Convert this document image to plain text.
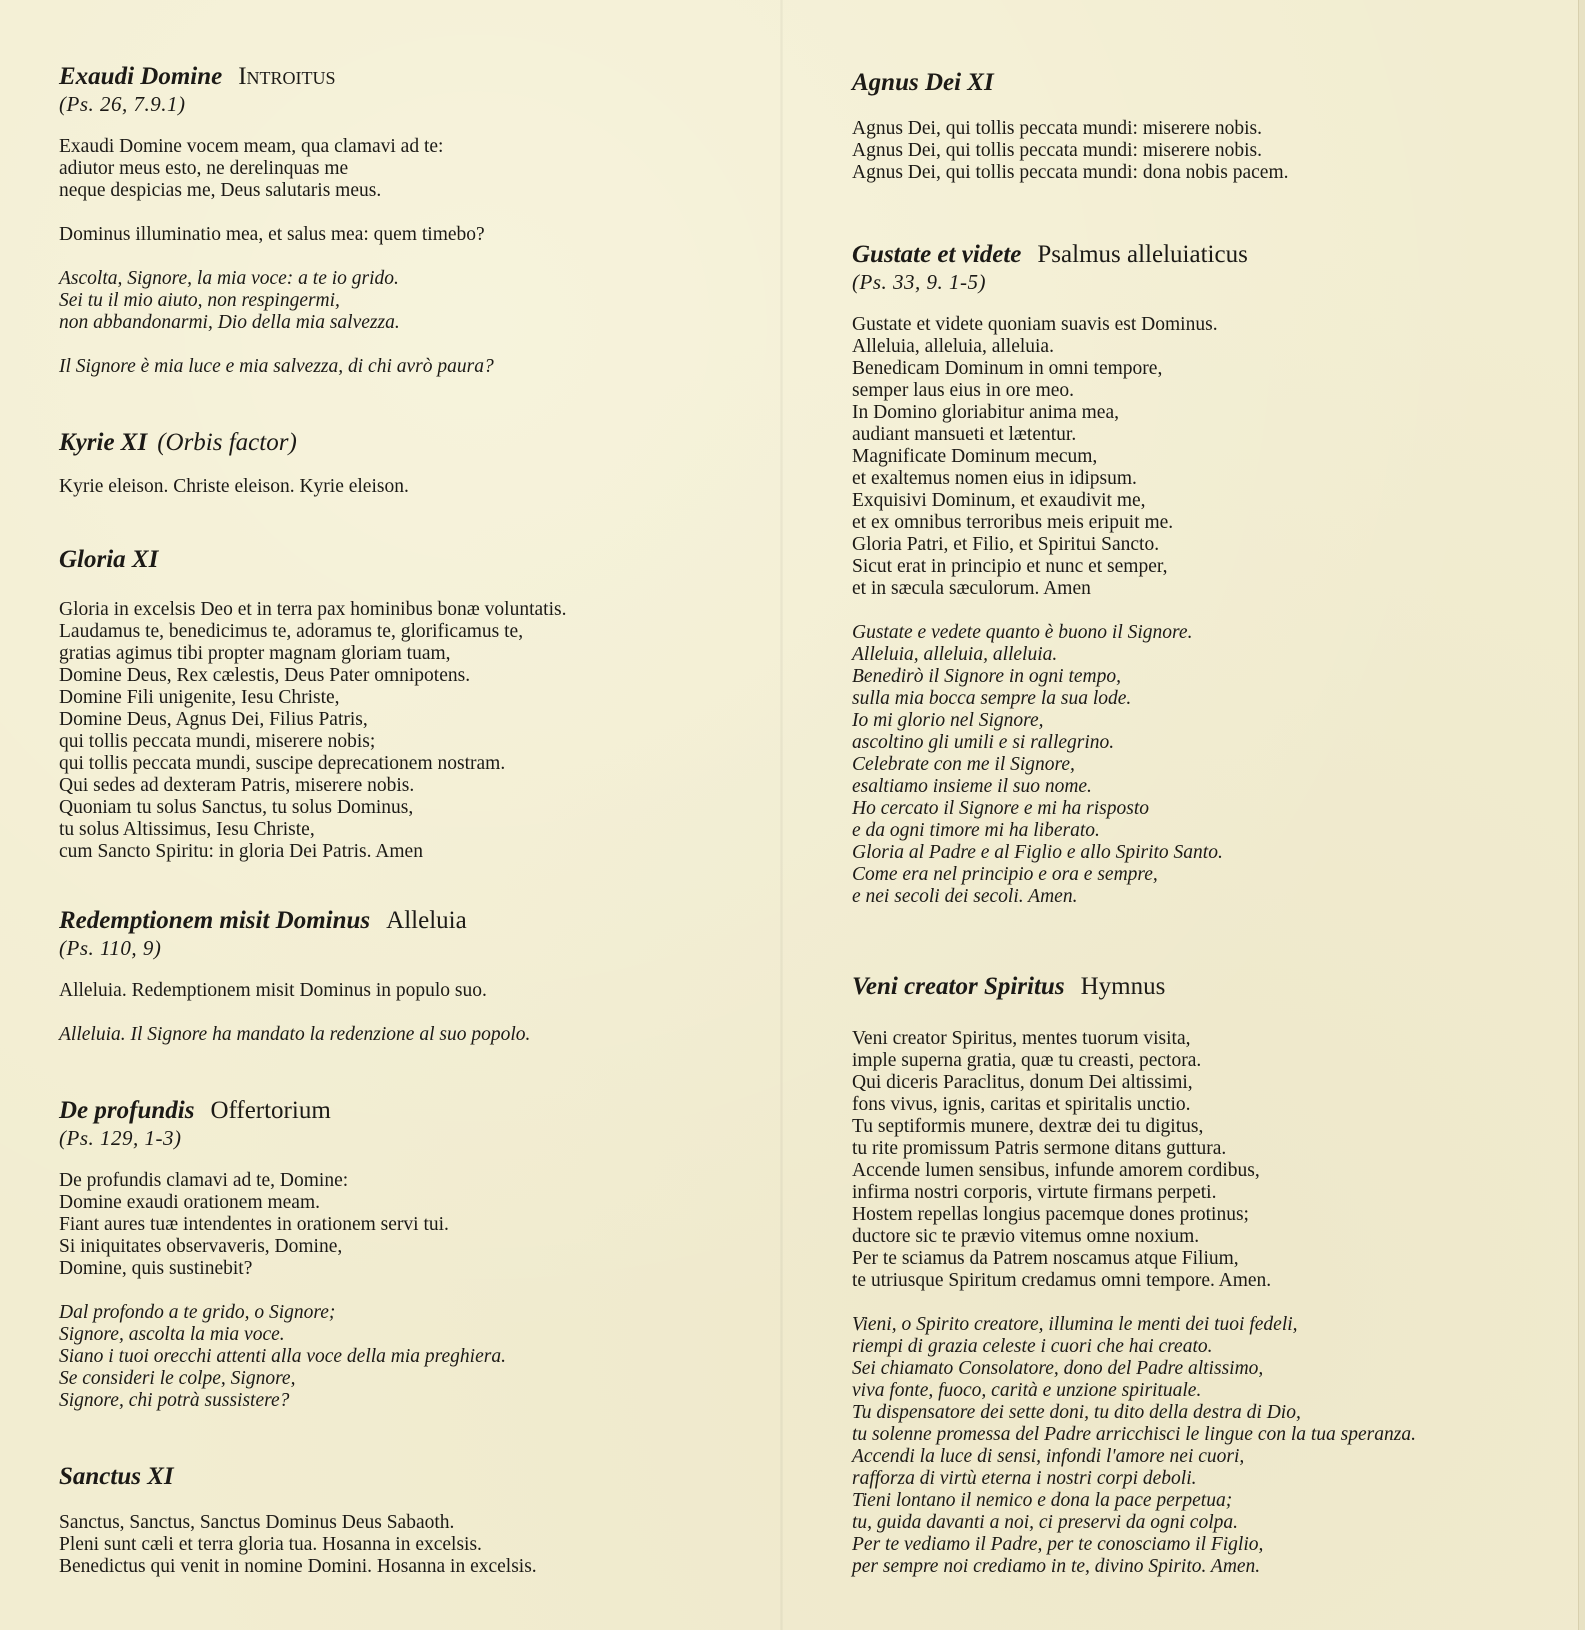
Exaudi Domine Introitus

(Ps. 26, 7.9.1)

Exaudi Domine vocem meam, qua clamavi ad te:
adiutor meus esto, ne derelinquas me
neque despicias me, Deus salutaris meus.

Dominus illuminatio mea, et salus mea: quem timebo?

Ascolta, Signore, la mia voce: a te io grido.
Sei tu il mio aiuto, non respingermi,
non abbandonarmi, Dio della mia salvezza.

Il Signore è mia luce e mia salvezza, di chi avrò paura?

Kyrie XI (Orbis factor)

Kyrie eleison. Christe eleison. Kyrie eleison.

Gloria XI

Gloria in excelsis Deo et in terra pax hominibus bonæ voluntatis.
Laudamus te, benedicimus te, adoramus te, glorificamus te,
gratias agimus tibi propter magnam gloriam tuam,
Domine Deus, Rex cælestis, Deus Pater omnipotens.
Domine Fili unigenite, Iesu Christe,
Domine Deus, Agnus Dei, Filius Patris,
qui tollis peccata mundi, miserere nobis;
qui tollis peccata mundi, suscipe deprecationem nostram.
Qui sedes ad dexteram Patris, miserere nobis.
Quoniam tu solus Sanctus, tu solus Dominus,
tu solus Altissimus, Iesu Christe,
cum Sancto Spiritu: in gloria Dei Patris. Amen

Redemptionem misit Dominus Alleluia

(Ps. 110, 9)

Alleluia. Redemptionem misit Dominus in populo suo.

Alleluia. Il Signore ha mandato la redenzione al suo popolo.

De profundis Offertorium

(Ps. 129, 1-3)

De profundis clamavi ad te, Domine:
Domine exaudi orationem meam.
Fiant aures tuæ intendentes in orationem servi tui.
Si iniquitates observaveris, Domine,
Domine, quis sustinebit?

Dal profondo a te grido, o Signore;
Signore, ascolta la mia voce.
Siano i tuoi orecchi attenti alla voce della mia preghiera.
Se consideri le colpe, Signore,
Signore, chi potrà sussistere?

Sanctus XI

Sanctus, Sanctus, Sanctus Dominus Deus Sabaoth.
Pleni sunt cæli et terra gloria tua. Hosanna in excelsis.
Benedictus qui venit in nomine Domini. Hosanna in excelsis.

Agnus Dei XI

Agnus Dei, qui tollis peccata mundi: miserere nobis.
Agnus Dei, qui tollis peccata mundi: miserere nobis.
Agnus Dei, qui tollis peccata mundi: dona nobis pacem.

Gustate et videte Psalmus alleluiaticus

(Ps. 33, 9. 1-5)

Gustate et videte quoniam suavis est Dominus.
Alleluia, alleluia, alleluia.
Benedicam Dominum in omni tempore,
semper laus eius in ore meo.
In Domino gloriabitur anima mea,
audiant mansueti et lætentur.
Magnificate Dominum mecum,
et exaltemus nomen eius in idipsum.
Exquisivi Dominum, et exaudivit me,
et ex omnibus terroribus meis eripuit me.
Gloria Patri, et Filio, et Spiritui Sancto.
Sicut erat in principio et nunc et semper,
et in sæcula sæculorum. Amen

Gustate e vedete quanto è buono il Signore.
Alleluia, alleluia, alleluia.
Benedirò il Signore in ogni tempo,
sulla mia bocca sempre la sua lode.
Io mi glorio nel Signore,
ascoltino gli umili e si rallegrino.
Celebrate con me il Signore,
esaltiamo insieme il suo nome.
Ho cercato il Signore e mi ha risposto
e da ogni timore mi ha liberato.
Gloria al Padre e al Figlio e allo Spirito Santo.
Come era nel principio e ora e sempre,
e nei secoli dei secoli. Amen.

Veni creator Spiritus Hymnus

Veni creator Spiritus, mentes tuorum visita,
imple superna gratia, quæ tu creasti, pectora.
Qui diceris Paraclitus, donum Dei altissimi,
fons vivus, ignis, caritas et spiritalis unctio.
Tu septiformis munere, dextræ dei tu digitus,
tu rite promissum Patris sermone ditans guttura.
Accende lumen sensibus, infunde amorem cordibus,
infirma nostri corporis, virtute firmans perpeti.
Hostem repellas longius pacemque dones protinus;
ductore sic te prævio vitemus omne noxium.
Per te sciamus da Patrem noscamus atque Filium,
te utriusque Spiritum credamus omni tempore. Amen.

Vieni, o Spirito creatore, illumina le menti dei tuoi fedeli,
riempi di grazia celeste i cuori che hai creato.
Sei chiamato Consolatore, dono del Padre altissimo,
viva fonte, fuoco, carità e unzione spirituale.
Tu dispensatore dei sette doni, tu dito della destra di Dio,
tu solenne promessa del Padre arricchisci le lingue con la tua speranza.
Accendi la luce di sensi, infondi l'amore nei cuori,
rafforza di virtù eterna i nostri corpi deboli.
Tieni lontano il nemico e dona la pace perpetua;
tu, guida davanti a noi, ci preservi da ogni colpa.
Per te vediamo il Padre, per te conosciamo il Figlio,
per sempre noi crediamo in te, divino Spirito. Amen.
